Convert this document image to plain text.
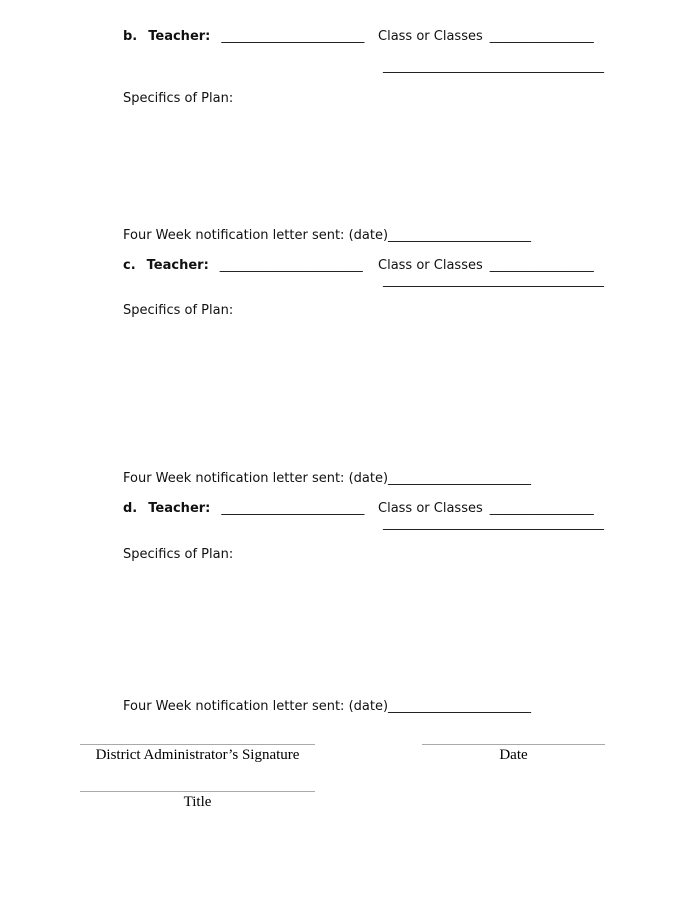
b. Teacher: ______________________ Class or Classes ________________
__________________________________
Specifics of Plan:
Four Week notification letter sent: (date)______________________
c. Teacher: ______________________ Class or Classes ________________
__________________________________
Specifics of Plan:
Four Week notification letter sent: (date)______________________
d. Teacher: ______________________ Class or Classes ________________
__________________________________
Specifics of Plan:
Four Week notification letter sent: (date)______________________
District Administrator’s Signature	Date
Title
